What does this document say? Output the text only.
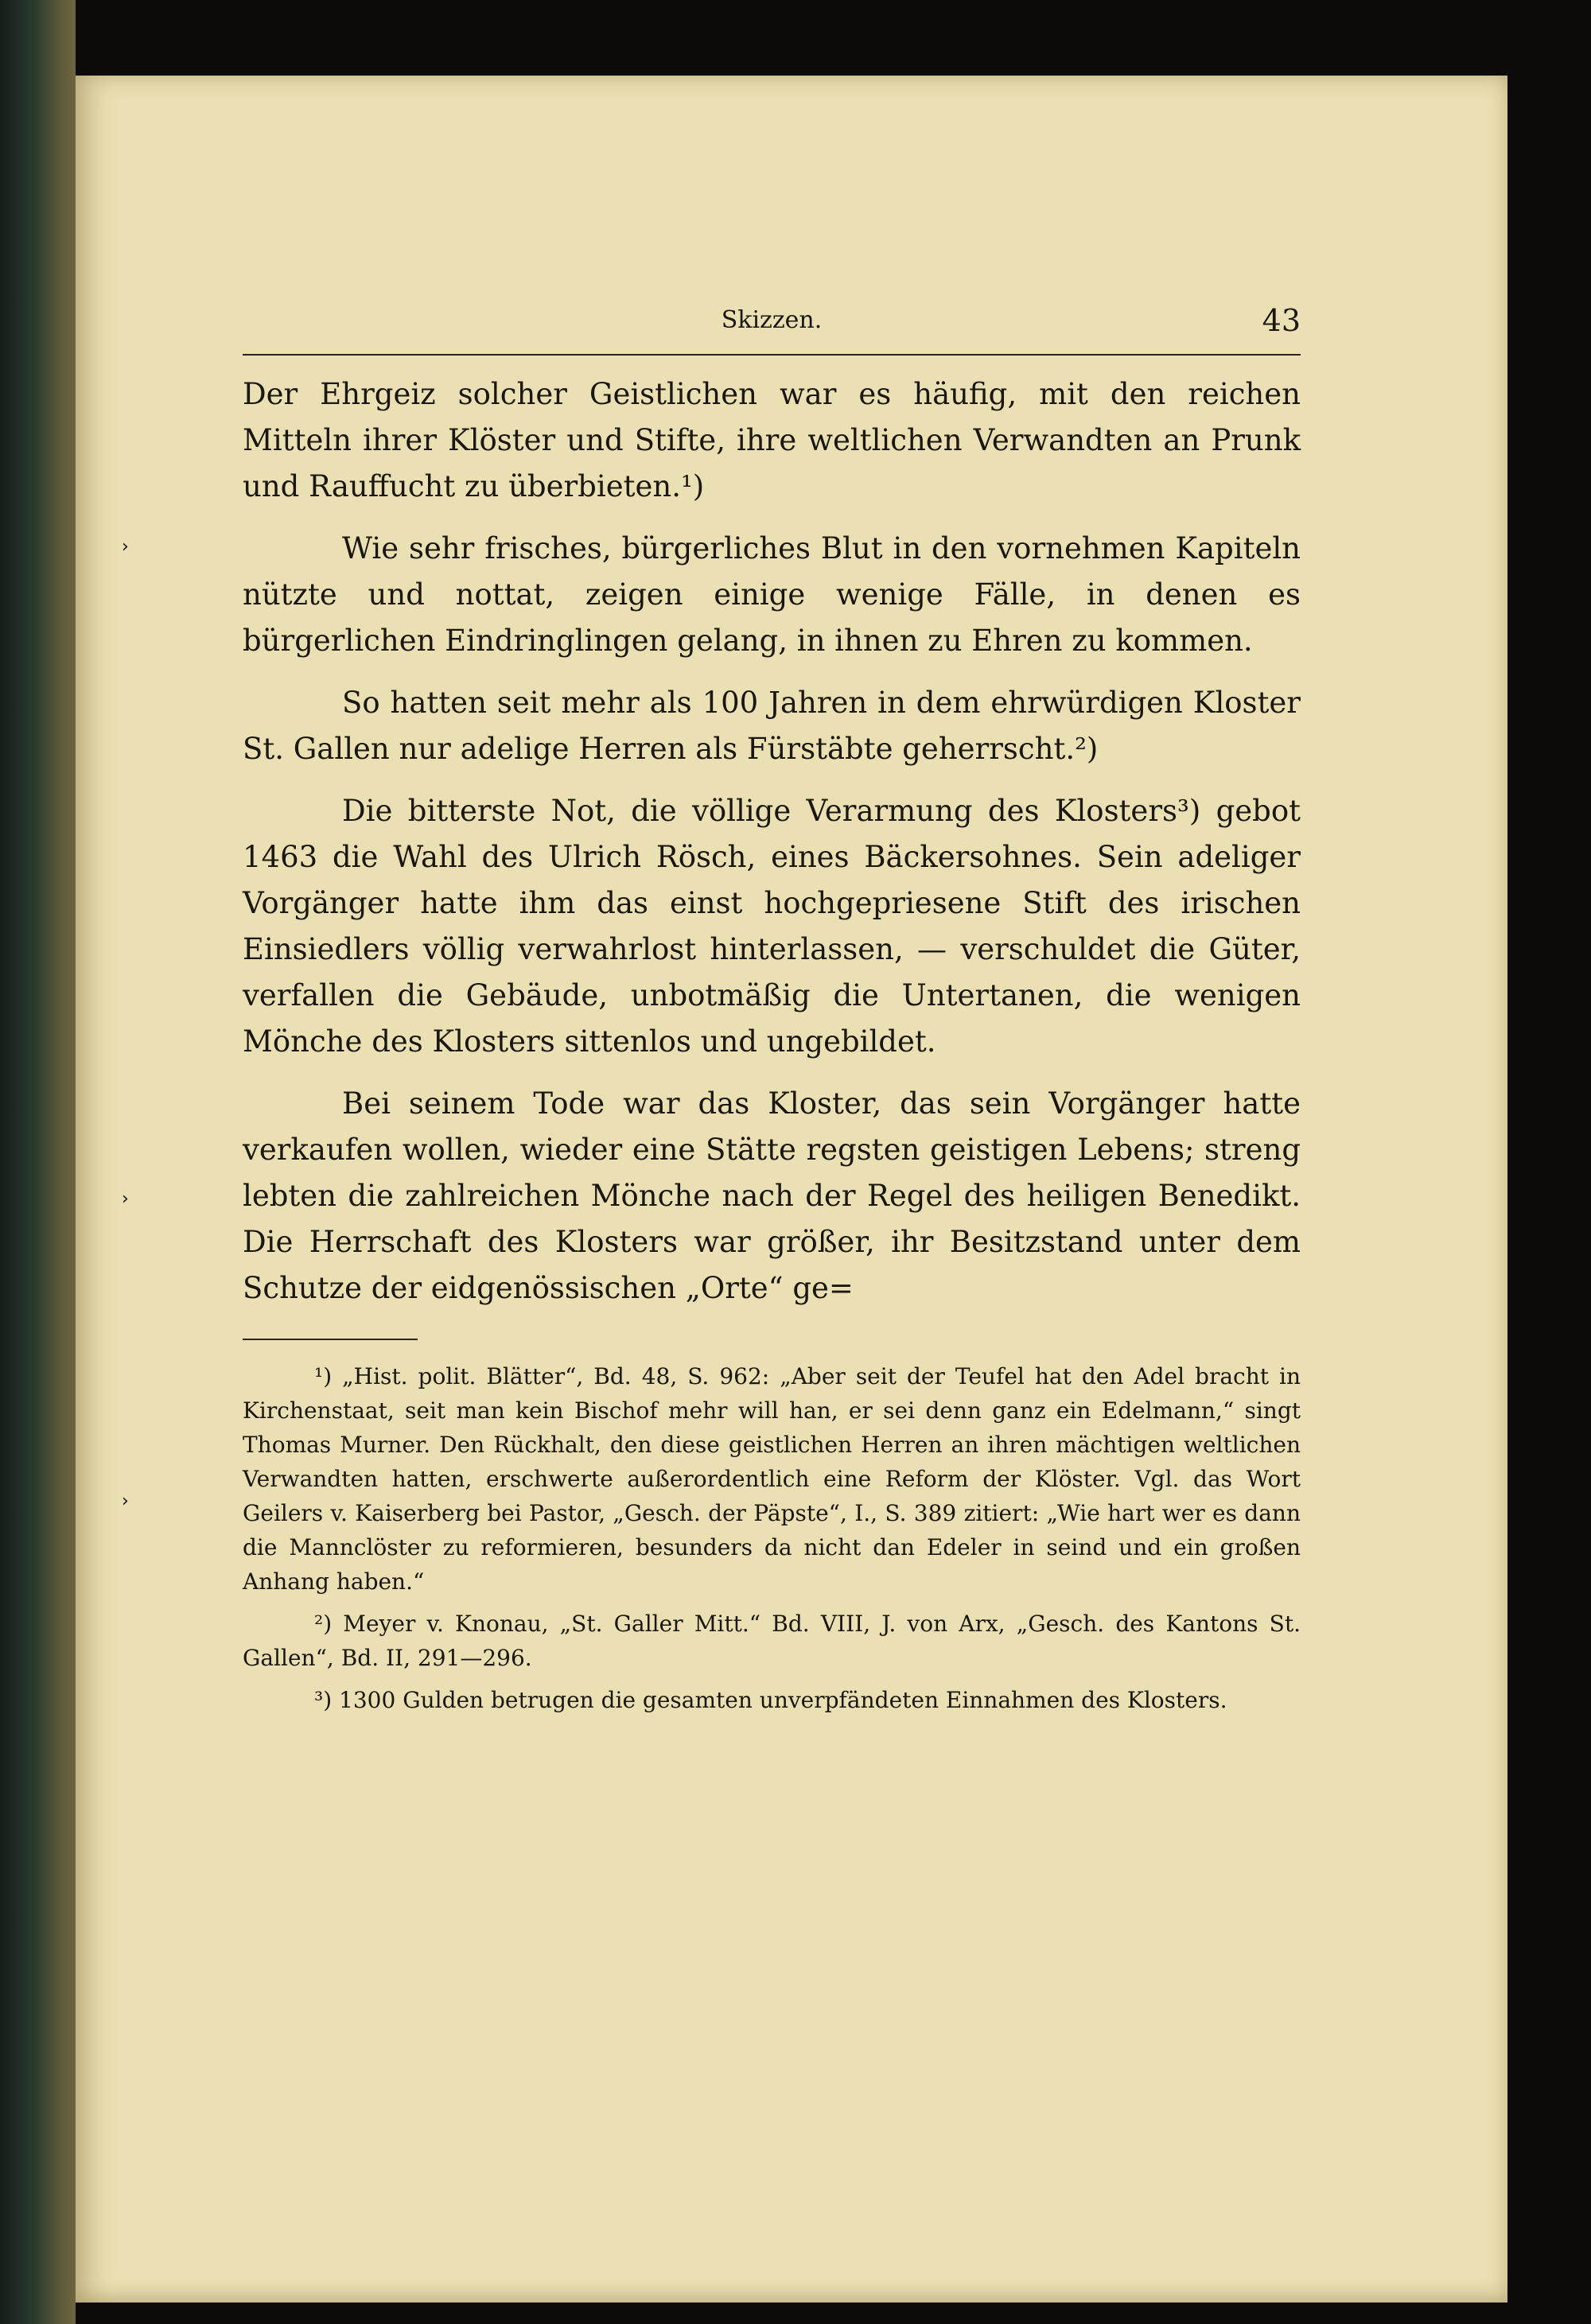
›
›
›
Skizzen.	43

Der Ehrgeiz solcher Geistlichen war es häufig, mit den reichen Mitteln ihrer Klöster und Stifte, ihre weltlichen Verwandten an Prunk und Rauffucht zu überbieten.¹)

Wie sehr frisches, bürgerliches Blut in den vornehmen Kapiteln nützte und nottat, zeigen einige wenige Fälle, in denen es bürgerlichen Eindringlingen gelang, in ihnen zu Ehren zu kommen.

So hatten seit mehr als 100 Jahren in dem ehrwürdigen Kloster St. Gallen nur adelige Herren als Fürstäbte geherrscht.²)

Die bitterste Not, die völlige Verarmung des Klosters³) gebot 1463 die Wahl des Ulrich Rösch, eines Bäckersohnes. Sein adeliger Vorgänger hatte ihm das einst hochgepriesene Stift des irischen Einsiedlers völlig verwahrlost hinterlassen, — verschuldet die Güter, verfallen die Gebäude, unbotmäßig die Untertanen, die wenigen Mönche des Klosters sittenlos und ungebildet.

Bei seinem Tode war das Kloster, das sein Vorgänger hatte verkaufen wollen, wieder eine Stätte regsten geistigen Lebens; streng lebten die zahlreichen Mönche nach der Regel des heiligen Benedikt. Die Herrschaft des Klosters war größer, ihr Besitzstand unter dem Schutze der eidgenössischen „Orte“ ge=

¹) „Hist. polit. Blätter“, Bd. 48, S. 962: „Aber seit der Teufel hat den Adel bracht in Kirchenstaat, seit man kein Bischof mehr will han, er sei denn ganz ein Edelmann,“ singt Thomas Murner. Den Rückhalt, den diese geistlichen Herren an ihren mächtigen weltlichen Verwandten hatten, erschwerte außerordentlich eine Reform der Klöster. Vgl. das Wort Geilers v. Kaiserberg bei Pastor, „Gesch. der Päpste“, I., S. 389 zitiert: „Wie hart wer es dann die Mannclöster zu reformieren, besunders da nicht dan Edeler in seind und ein großen Anhang haben.“

²) Meyer v. Knonau, „St. Galler Mitt.“ Bd. VIII, J. von Arx, „Gesch. des Kantons St. Gallen“, Bd. II, 291—296.

³) 1300 Gulden betrugen die gesamten unverpfändeten Einnahmen des Klosters.
